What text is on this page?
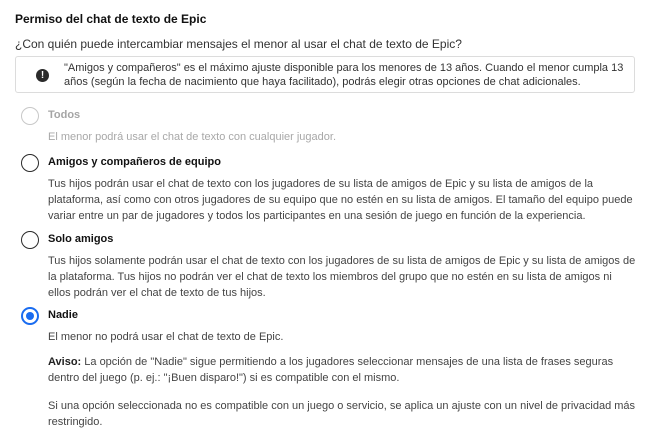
Permiso del chat de texto de Epic
¿Con quién puede intercambiar mensajes el menor al usar el chat de texto de Epic?
!
"Amigos y compañeros" es el máximo ajuste disponible para los menores de 13 años. Cuando el menor cumpla 13 años (según la fecha de nacimiento que haya facilitado), podrás elegir otras opciones de chat adicionales.
Todos
El menor podrá usar el chat de texto con cualquier jugador.
Amigos y compañeros de equipo
Tus hijos podrán usar el chat de texto con los jugadores de su lista de amigos de Epic y su lista de amigos de la plataforma, así como con otros jugadores de su equipo que no estén en su lista de amigos. El tamaño del equipo puede variar entre un par de jugadores y todos los participantes en una sesión de juego en función de la experiencia.
Solo amigos
Tus hijos solamente podrán usar el chat de texto con los jugadores de su lista de amigos de Epic y su lista de amigos de la plataforma. Tus hijos no podrán ver el chat de texto los miembros del grupo que no estén en su lista de amigos ni ellos podrán ver el chat de texto de tus hijos.
Nadie
El menor no podrá usar el chat de texto de Epic.
Aviso: La opción de "Nadie" sigue permitiendo a los jugadores seleccionar mensajes de una lista de frases seguras dentro del juego (p. ej.: "¡Buen disparo!") si es compatible con el mismo.
Si una opción seleccionada no es compatible con un juego o servicio, se aplica un ajuste con un nivel de privacidad más restringido.
